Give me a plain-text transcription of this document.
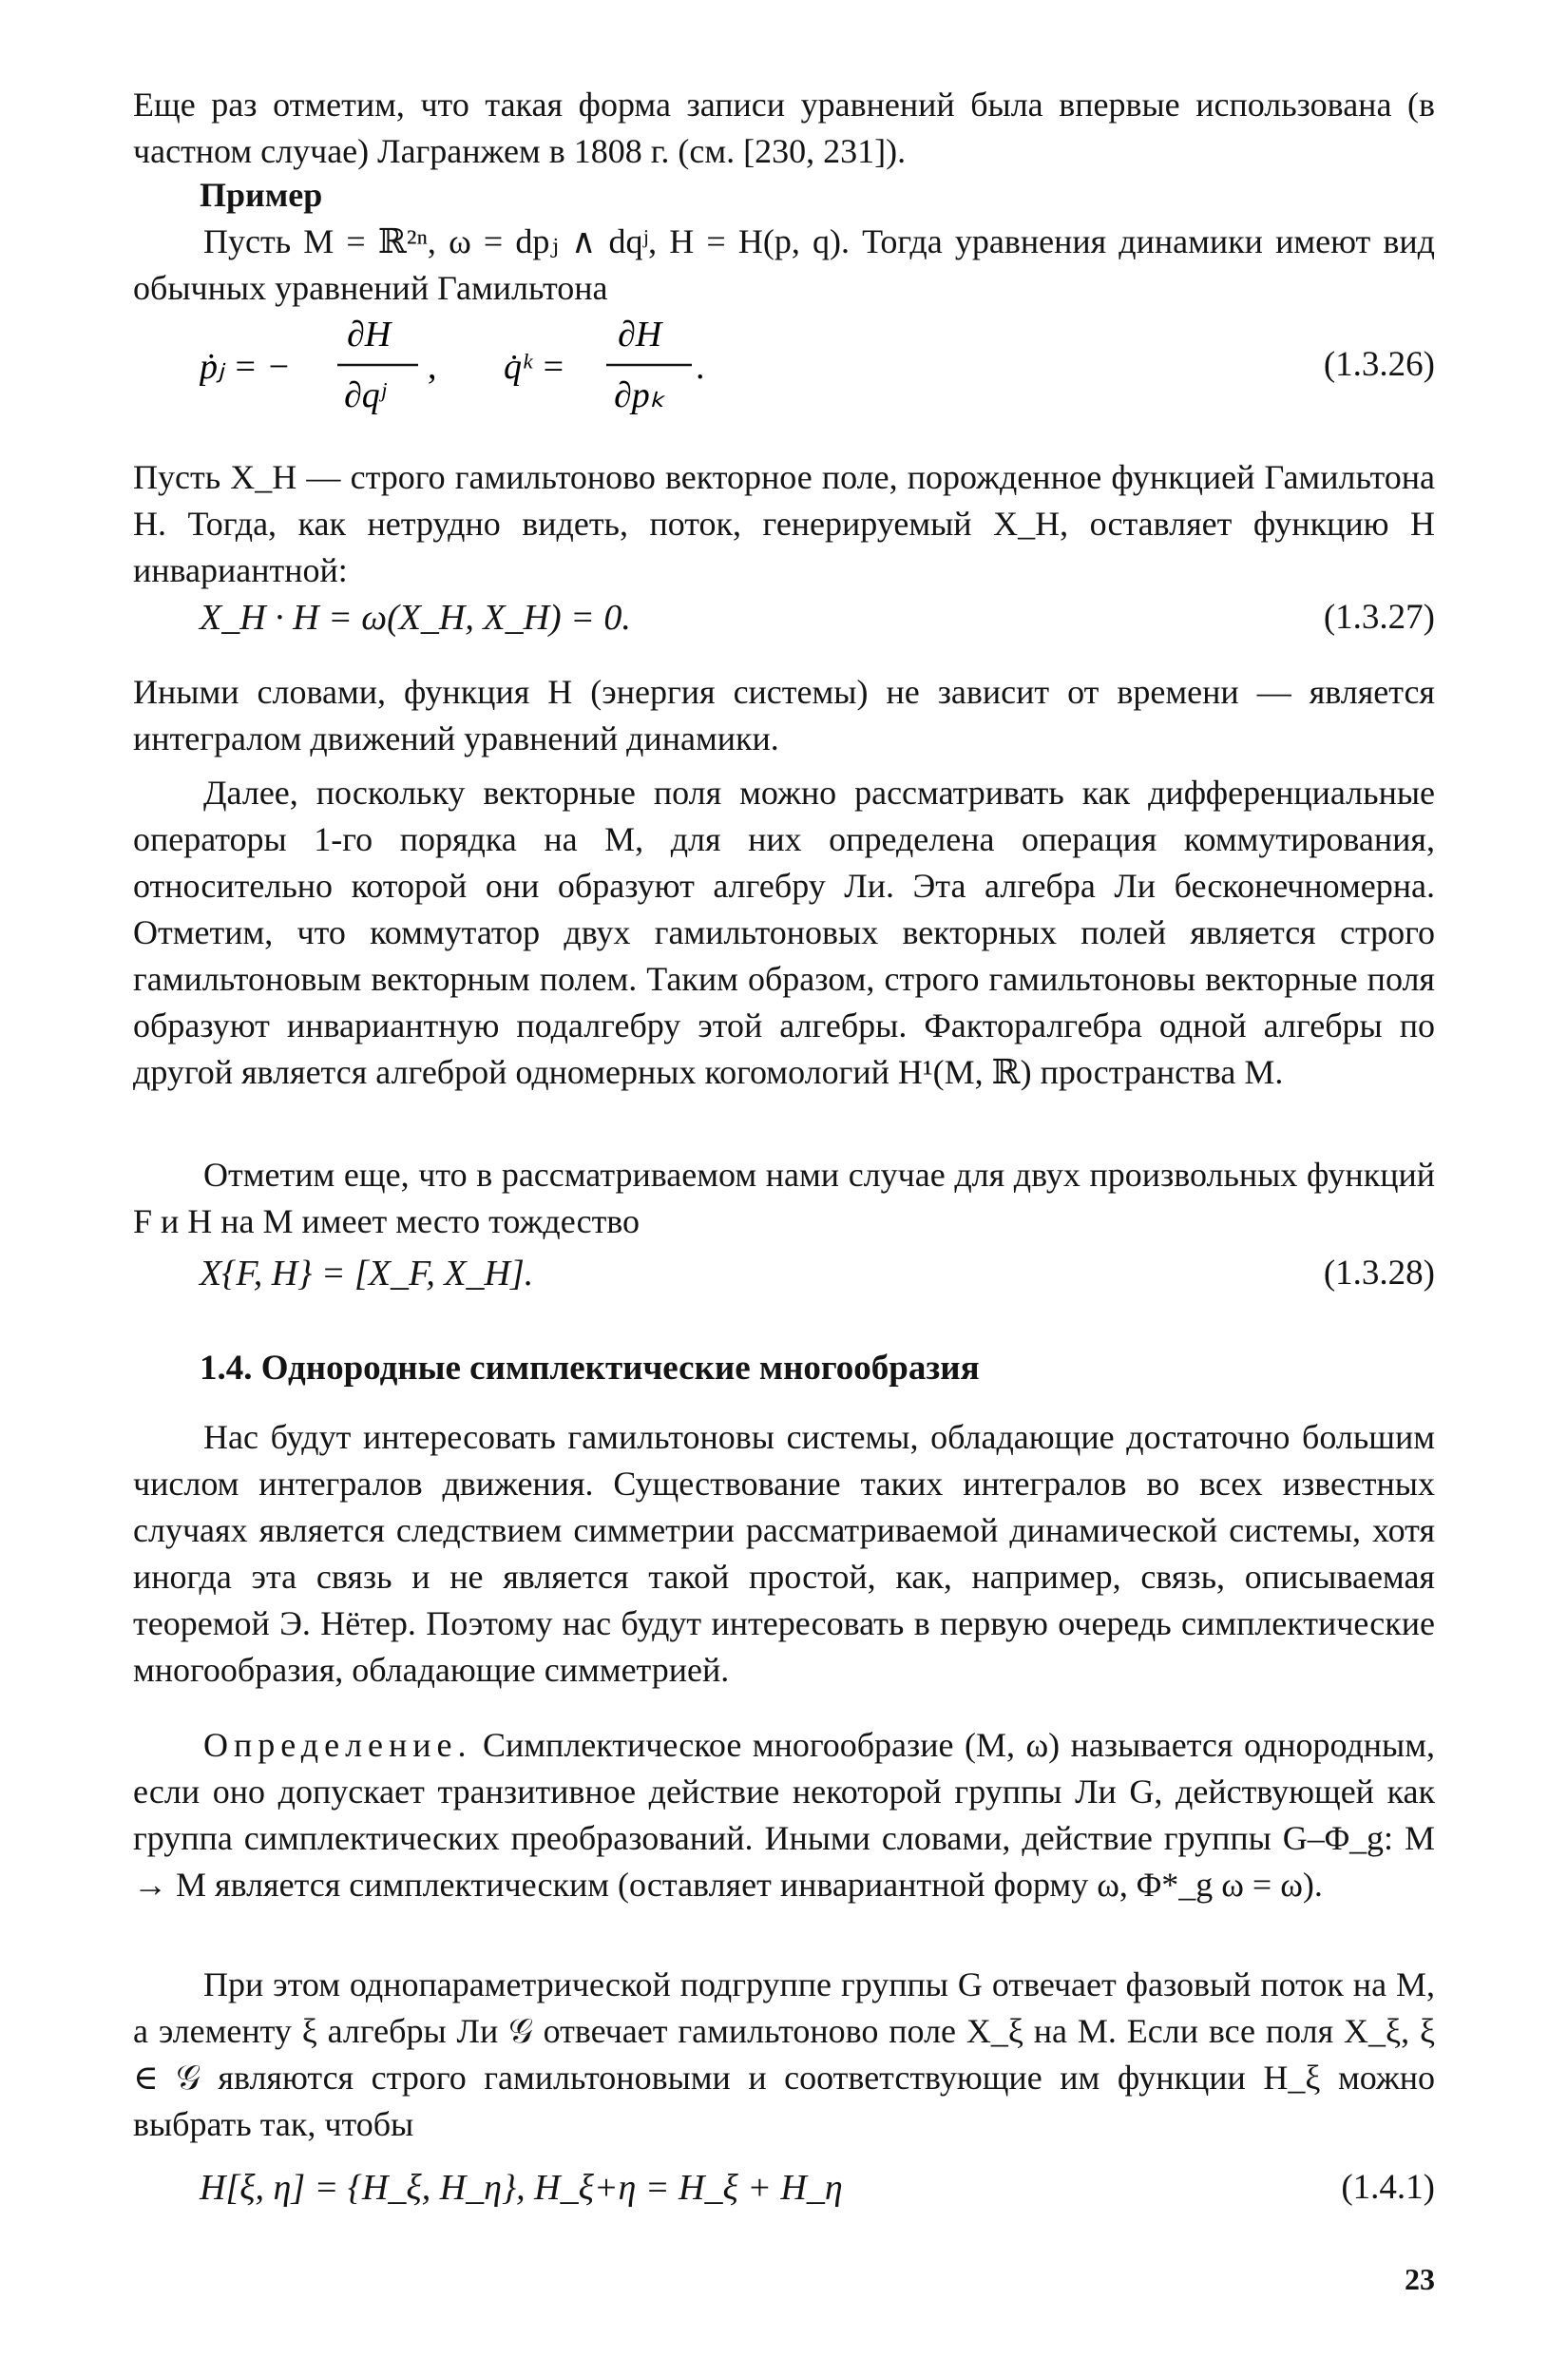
Еще раз отметим, что такая форма записи уравнений была впервые использована (в частном случае) Лагранжем в 1808 г. (см. [230, 231]).

Пример

Пусть M = ℝ²ⁿ, ω = dpⱼ ∧ dqʲ, H = H(p, q). Тогда уравнения динамики имеют вид обычных уравнений Гамильтона

ṗⱼ = −
∂H
∂qʲ
, q̇ᵏ =
∂H
∂pₖ
.	(1.3.26)

Пусть X_H — строго гамильтоново векторное поле, порожденное функцией Гамильтона H. Тогда, как нетрудно видеть, поток, генерируемый X_H, оставляет функцию H инвариантной:

X_H · H = ω(X_H, X_H) = 0.	(1.3.27)

Иными словами, функция H (энергия системы) не зависит от времени — является интегралом движений уравнений динамики.

Далее, поскольку векторные поля можно рассматривать как дифференциальные операторы 1-го порядка на M, для них определена операция коммутирования, относительно которой они образуют алгебру Ли. Эта алгебра Ли бесконечномерна. Отметим, что коммутатор двух гамильтоновых векторных полей является строго гамильтоновым векторным полем. Таким образом, строго гамильтоновы векторные поля образуют инвариантную подалгебру этой алгебры. Факторалгебра одной алгебры по другой является алгеброй одномерных когомологий H¹(M, ℝ) пространства M.

Отметим еще, что в рассматриваемом нами случае для двух произвольных функций F и H на M имеет место тождество

X{F, H} = [X_F, X_H].	(1.3.28)
1.4. Однородные симплектические многообразия

Нас будут интересовать гамильтоновы системы, обладающие достаточно большим числом интегралов движения. Существование таких интегралов во всех известных случаях является следствием симметрии рассматриваемой динамической системы, хотя иногда эта связь и не является такой простой, как, например, связь, описываемая теоремой Э. Нётер. Поэтому нас будут интересовать в первую очередь симплектические многообразия, обладающие симметрией.

Определение. Симплектическое многообразие (M, ω) называется однородным, если оно допускает транзитивное действие некоторой группы Ли G, действующей как группа симплектических преобразований. Иными словами, действие группы G–Φ_g: M → M является симплектическим (оставляет инвариантной форму ω, Φ*_g ω = ω).

При этом однопараметрической подгруппе группы G отвечает фазовый поток на M, а элементу ξ алгебры Ли 𝒢 отвечает гамильтоново поле X_ξ на M. Если все поля X_ξ, ξ ∈ 𝒢 являются строго гамильтоновыми и соответствующие им функции H_ξ можно выбрать так, чтобы

H[ξ, η] = {H_ξ, H_η}, H_ξ+η = H_ξ + H_η	(1.4.1)
23
